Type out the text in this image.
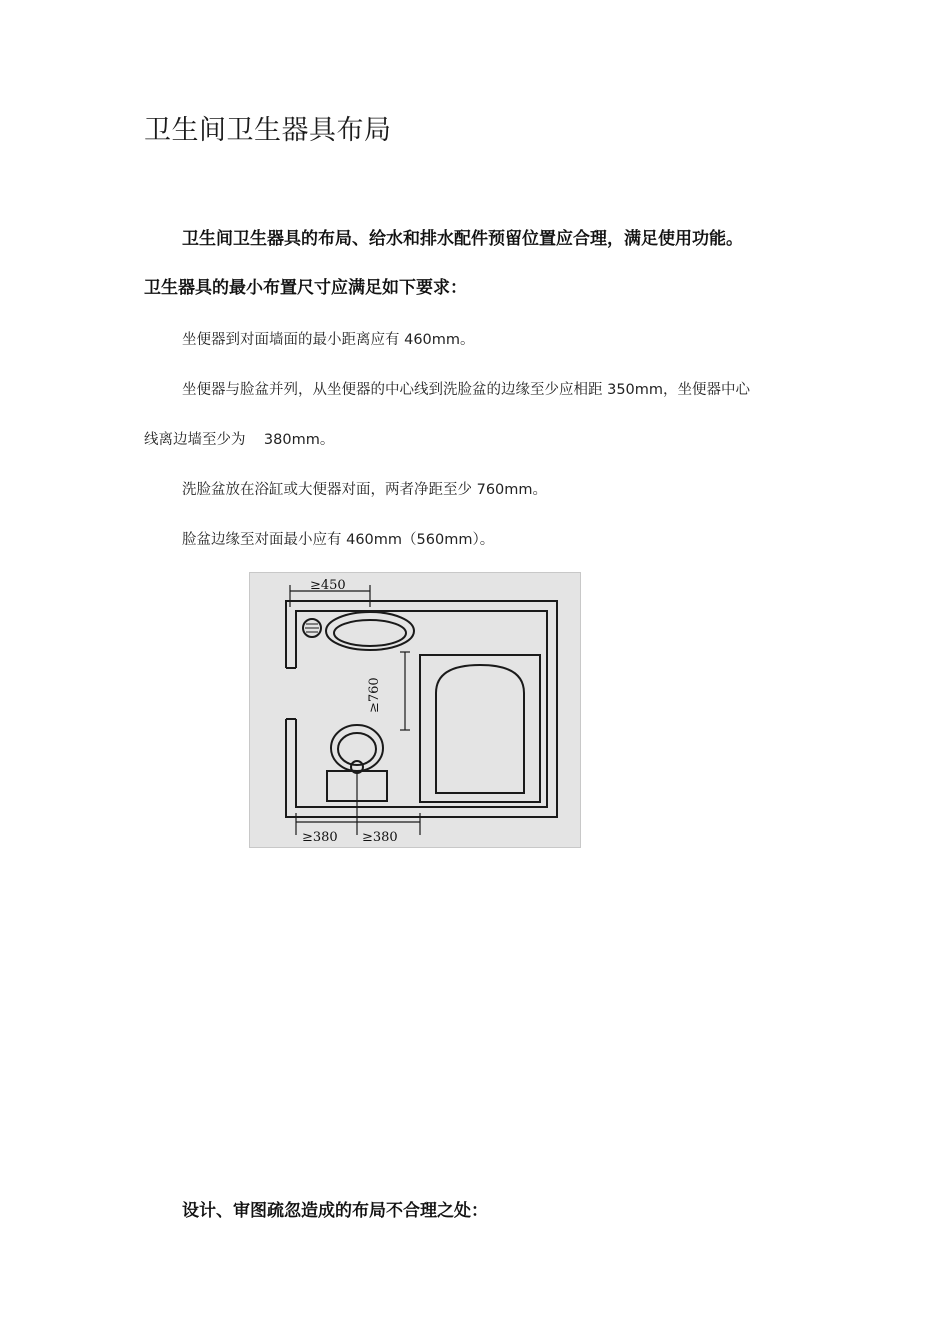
卫生间卫生器具布局
卫生间卫生器具的布局、给水和排水配件预留位置应合理，满足使用功能。
卫生器具的最小布置尺寸应满足如下要求：
坐便器到对面墙面的最小距离应有 460mm。
坐便器与脸盆并列，从坐便器的中心线到洗脸盆的边缘至少应相距 350mm，坐便器中心
线离边墙至少为    380mm。
洗脸盆放在浴缸或大便器对面，两者净距至少 760mm。
脸盆边缘至对面最小应有 460mm（560mm）。
≥450
≥760
≥380 ≥380
设计、审图疏忽造成的布局不合理之处：
